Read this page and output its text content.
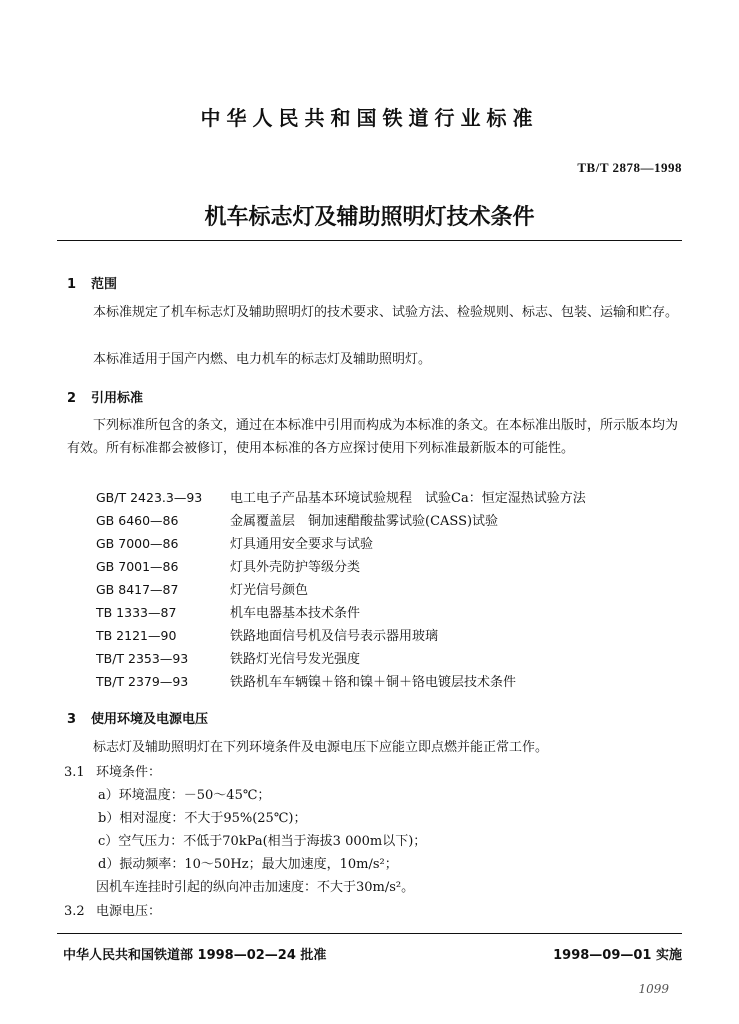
中华人民共和国铁道行业标准
TB/T 2878—1998
机车标志灯及辅助照明灯技术条件
1 范围
本标准规定了机车标志灯及辅助照明灯的技术要求、试验方法、检验规则、标志、包装、运输和贮存。
本标准适用于国产内燃、电力机车的标志灯及辅助照明灯。
2 引用标准
下列标准所包含的条文，通过在本标准中引用而构成为本标准的条文。在本标准出版时，所示版本均为有效。所有标准都会被修订，使用本标准的各方应探讨使用下列标准最新版本的可能性。
GB/T 2423.3—93 电工电子产品基本环境试验规程　试验Ca：恒定湿热试验方法
GB 6460—86	金属覆盖层　铜加速醋酸盐雾试验(CASS)试验
GB 7000—86	灯具通用安全要求与试验
GB 7001—86	灯具外壳防护等级分类
GB 8417—87	灯光信号颜色
TB 1333—87	机车电器基本技术条件
TB 2121—90	铁路地面信号机及信号表示器用玻璃
TB/T 2353—93	铁路灯光信号发光强度
TB/T 2379—93	铁路机车车辆镍＋铬和镍＋铜＋铬电镀层技术条件
3 使用环境及电源电压
标志灯及辅助照明灯在下列环境条件及电源电压下应能立即点燃并能正常工作。
3.1 环境条件：
a）环境温度：－50～45℃；
b）相对湿度：不大于95%(25℃)；
c）空气压力：不低于70kPa(相当于海拔3 000m以下)；
d）振动频率：10～50Hz；最大加速度，10m/s²；
因机车连挂时引起的纵向冲击加速度：不大于30m/s²。
3.2 电源电压：
中华人民共和国铁道部 1998—02—24 批准	1998—09—01 实施
1099
